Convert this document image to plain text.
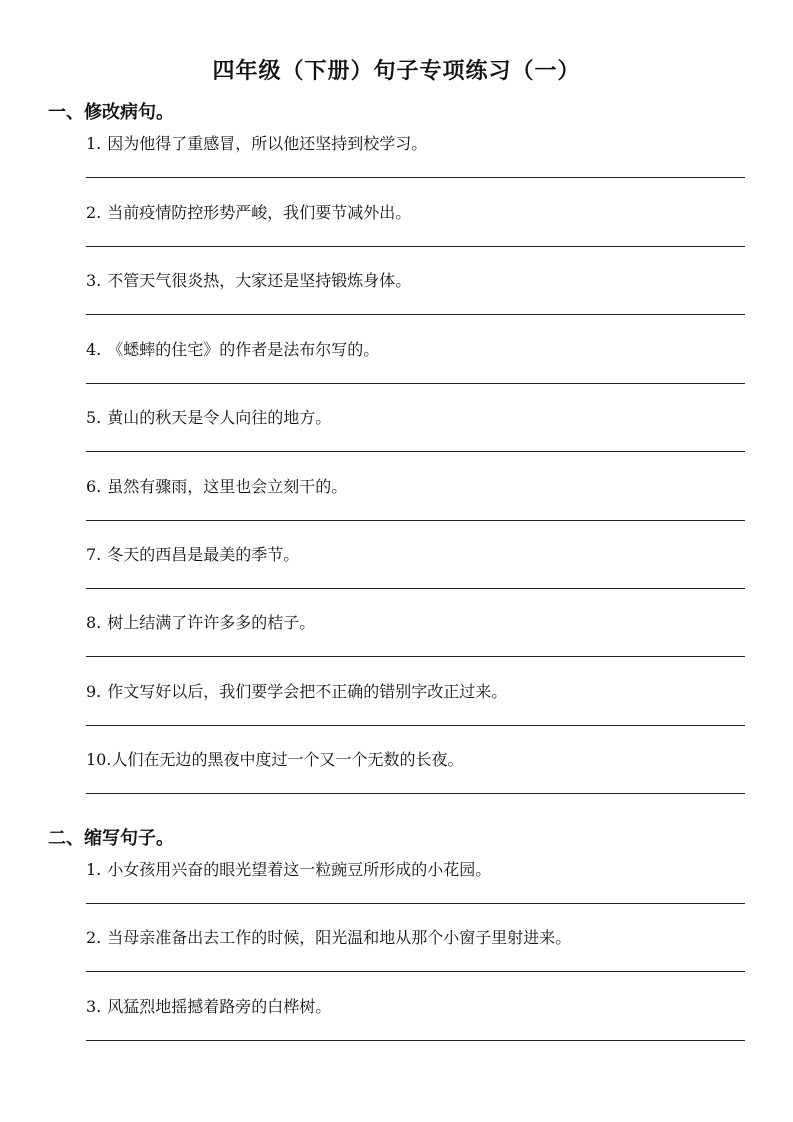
四年级（下册）句子专项练习（一）
一、修改病句。
1. 因为他得了重感冒，所以他还坚持到校学习。
2. 当前疫情防控形势严峻，我们要节减外出。
3. 不管天气很炎热，大家还是坚持锻炼身体。
4. 《蟋蟀的住宅》的作者是法布尔写的。
5. 黄山的秋天是令人向往的地方。
6. 虽然有骤雨，这里也会立刻干的。
7. 冬天的西昌是最美的季节。
8. 树上结满了许许多多的桔子。
9. 作文写好以后，我们要学会把不正确的错别字改正过来。
10.人们在无边的黑夜中度过一个又一个无数的长夜。
二、缩写句子。
1. 小女孩用兴奋的眼光望着这一粒豌豆所形成的小花园。
2. 当母亲准备出去工作的时候，阳光温和地从那个小窗子里射进来。
3. 风猛烈地摇撼着路旁的白桦树。
